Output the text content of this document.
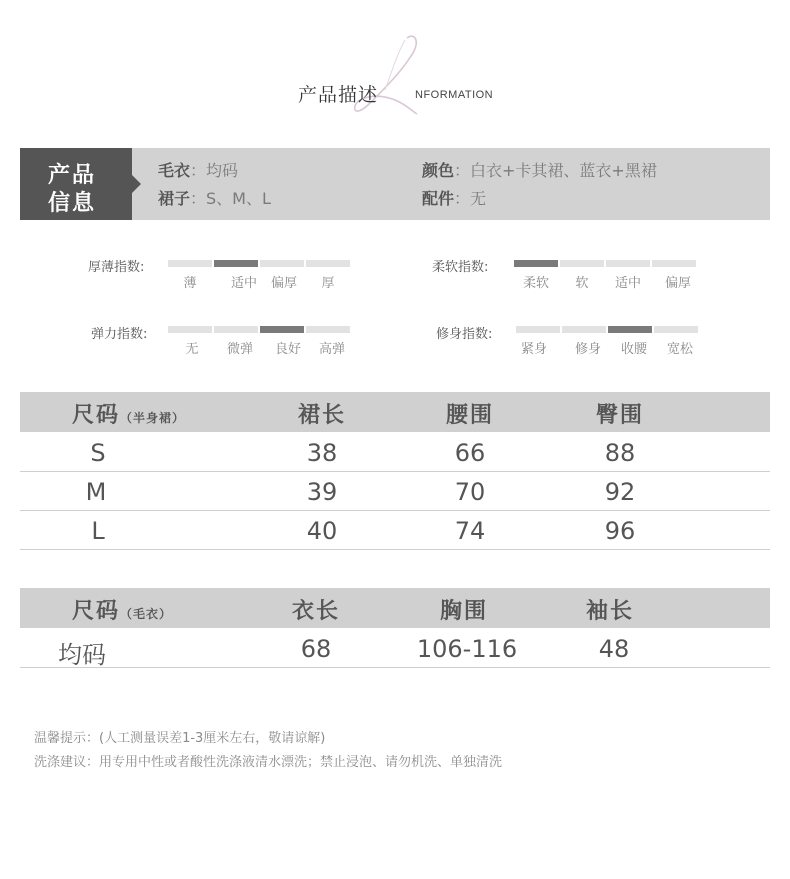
产品描述	NFORMATION
产品
信息
毛衣：均码
裙子：S、M、L
颜色：白衣+卡其裙、蓝衣+黑裙
配件：无
厚薄指数:
薄	适中	偏厚	厚
柔软指数:
柔软	软	适中	偏厚
弹力指数:
无	微弹	良好	高弹
修身指数:
紧身	修身	收腰	宽松
尺码（半身裙）	裙长	腰围	臀围
S	38	66	88
M	39	70	92
L	40	74	96
尺码（毛衣）	衣长	胸围	袖长
均码	68	106-116	48
温馨提示：(人工测量误差1-3厘米左右，敬请谅解)
洗涤建议：用专用中性或者酸性洗涤液清水漂洗；禁止浸泡、请勿机洗、单独清洗
